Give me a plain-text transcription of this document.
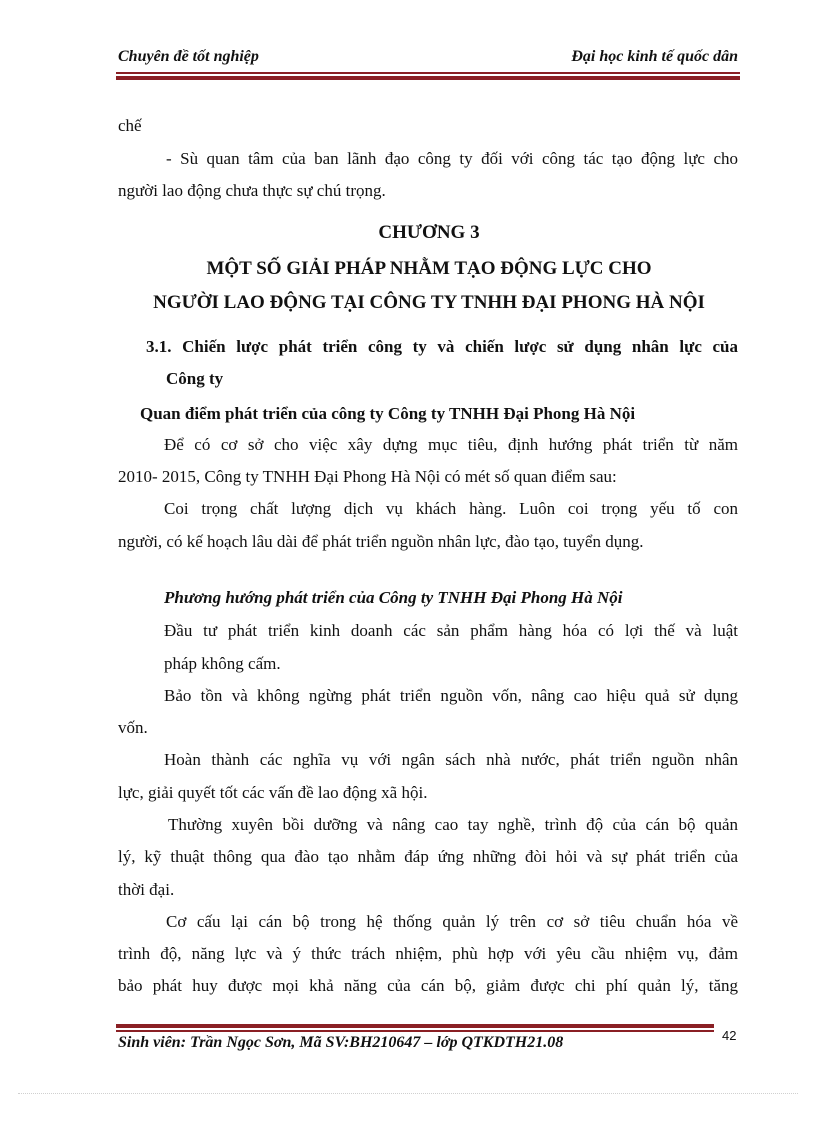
Chuyên đề tốt nghiệp	Đại học kinh tế quốc dân
chế
- Sù quan tâm của ban lãnh đạo công ty đối với công tác tạo động lực cho
người lao động chưa thực sự chú trọng.
CHƯƠNG 3
MỘT SỐ GIẢI PHÁP NHẰM TẠO ĐỘNG LỰC CHO
NGƯỜI LAO ĐỘNG TẠI CÔNG TY TNHH ĐẠI PHONG HÀ NỘI
3.1. Chiến lược phát triển công ty và chiến lược sử dụng nhân lực của
Công ty
Quan điểm phát triển của công ty Công ty TNHH Đại Phong Hà Nội
Để có cơ sở cho việc xây dựng mục tiêu, định hướng phát triển từ năm
2010- 2015, Công ty TNHH Đại Phong Hà Nội có mét số quan điểm sau:
Coi trọng chất lượng dịch vụ khách hàng. Luôn coi trọng yếu tố con
người, có kế hoạch lâu dài để phát triển nguồn nhân lực, đào tạo, tuyển dụng.
Phương hướng phát triển của Công ty TNHH Đại Phong Hà Nội
Đầu tư phát triển kinh doanh các sản phẩm hàng hóa có lợi thế và luật
pháp không cấm.
Bảo tồn và không ngừng phát triển nguồn vốn, nâng cao hiệu quả sử dụng
vốn.
Hoàn thành các nghĩa vụ với ngân sách nhà nước, phát triển nguồn nhân
lực, giải quyết tốt các vấn đề lao động xã hội.
Thường xuyên bồi dưỡng và nâng cao tay nghề, trình độ của cán bộ quản
lý, kỹ thuật thông qua đào tạo nhằm đáp ứng những đòi hỏi và sự phát triển của
thời đại.
Cơ cấu lại cán bộ trong hệ thống quản lý trên cơ sở tiêu chuẩn hóa về
trình độ, năng lực và ý thức trách nhiệm, phù hợp với yêu cầu nhiệm vụ, đảm
bảo phát huy được mọi khả năng của cán bộ, giảm được chi phí quản lý, tăng
Sinh viên: Trần Ngọc Sơn, Mã SV:BH210647 – lớp QTKDTH21.08	42
